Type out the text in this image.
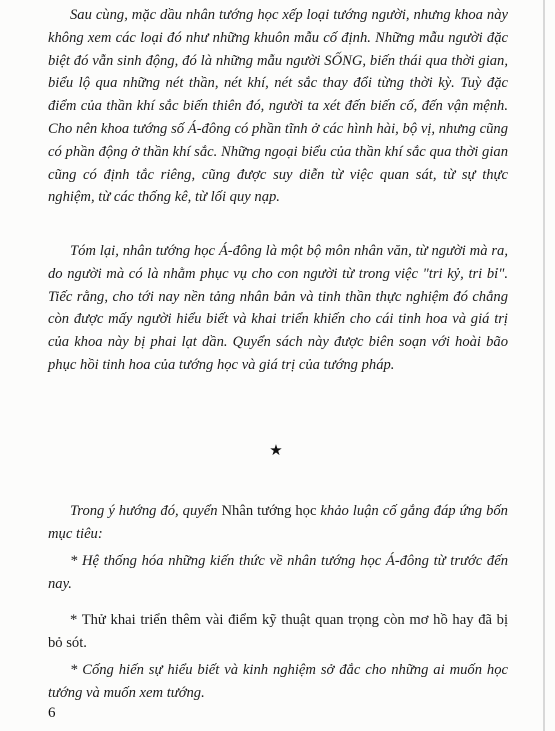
Sau cùng, mặc dầu nhân tướng học xếp loại tướng người, nhưng khoa này không xem các loại đó như những khuôn mẫu cố định. Những mẫu người đặc biệt đó vẫn sinh động, đó là những mẫu người SỐNG, biến thái qua thời gian, biểu lộ qua những nét thần, nét khí, nét sắc thay đổi từng thời kỳ. Tuỳ đặc điểm của thần khí sắc biến thiên đó, người ta xét đến biến cố, đến vận mệnh. Cho nên khoa tướng số Á-đông có phần tĩnh ở các hình hài, bộ vị, nhưng cũng có phần động ở thần khí sắc. Những ngoại biểu của thần khí sắc qua thời gian cũng có định tắc riêng, cũng được suy diễn từ việc quan sát, từ sự thực nghiệm, từ các thống kê, từ lối quy nạp.

Tóm lại, nhân tướng học Á-đông là một bộ môn nhân văn, từ người mà ra, do người mà có là nhằm phục vụ cho con người từ trong việc "tri kỷ, tri bỉ". Tiếc rằng, cho tới nay nền tảng nhân bản và tinh thần thực nghiệm đó chẳng còn được mấy người hiểu biết và khai triển khiến cho cái tinh hoa và giá trị của khoa này bị phai lạt dần. Quyển sách này được biên soạn với hoài bão phục hồi tinh hoa của tướng học và giá trị của tướng pháp.

★

Trong ý hướng đó, quyển Nhân tướng học khảo luận cố gắng đáp ứng bốn mục tiêu:

* Hệ thống hóa những kiến thức về nhân tướng học Á-đông từ trước đến nay.

* Thử khai triển thêm vài điểm kỹ thuật quan trọng còn mơ hồ hay đã bị bỏ sót.

* Cống hiến sự hiểu biết và kinh nghiệm sở đắc cho những ai muốn học tướng và muốn xem tướng.

6
